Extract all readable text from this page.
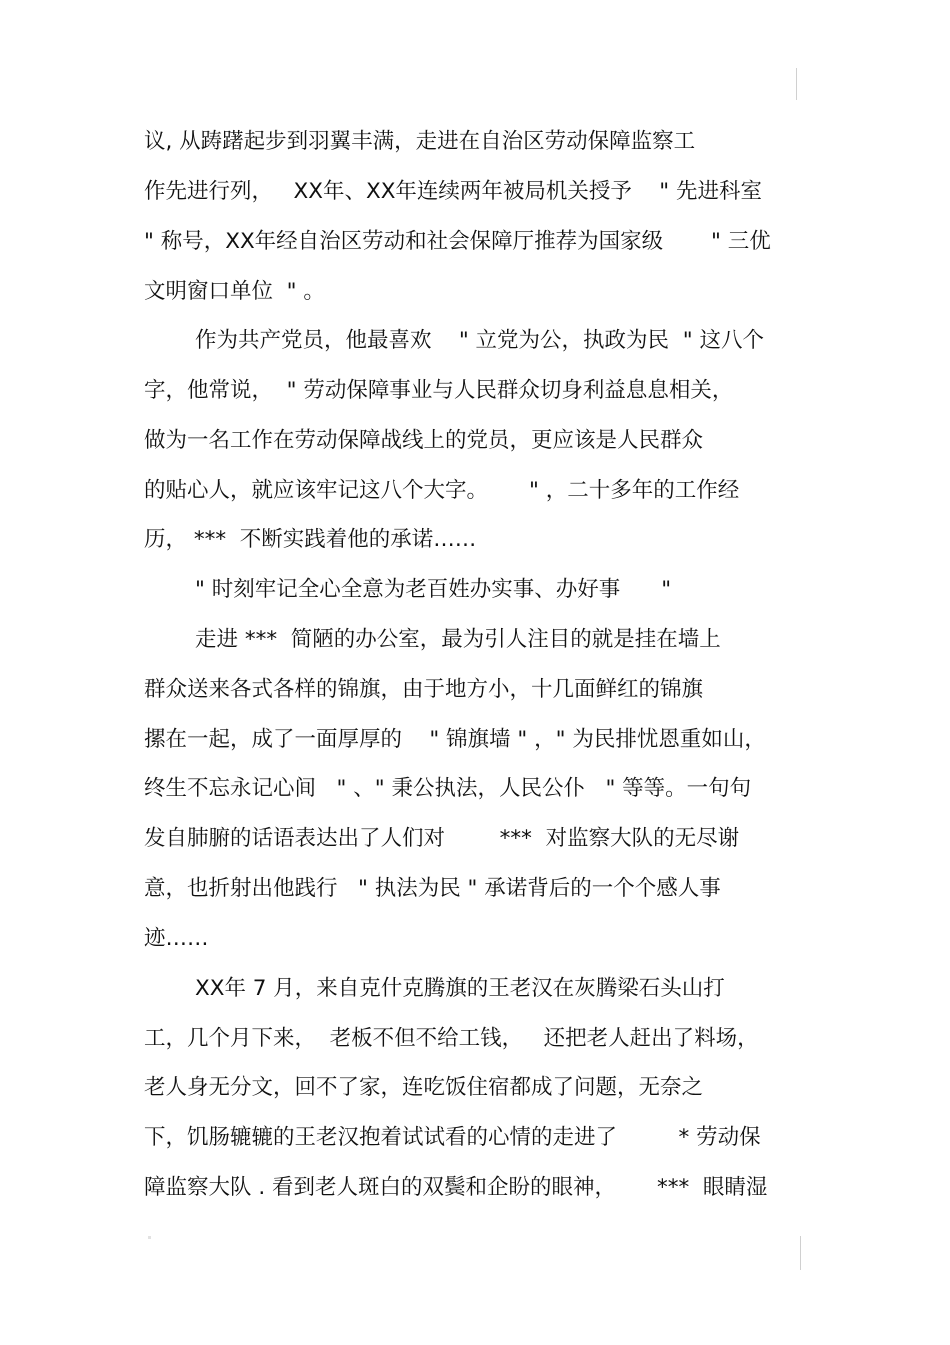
议, 从踌躇起步到羽翼丰满，走进在自治区劳动保障监察工
作先进行列，   XX年、XX年连续两年被局机关授予    " 先进科室
" 称号，XX年经自治区劳动和社会保障厅推荐为国家级       " 三优
文明窗口单位  " 。
作为共产党员，他最喜欢    " 立党为公，执政为民  " 这八个
字，他常说，  " 劳动保障事业与人民群众切身利益息息相关，
做为一名工作在劳动保障战线上的党员，更应该是人民群众
的贴心人，就应该牢记这八个大字。      " ，二十多年的工作经
历， ***  不断实践着他的承诺……
" 时刻牢记全心全意为老百姓办实事、办好事      "
走进 ***  简陋的办公室，最为引人注目的就是挂在墙上
群众送来各式各样的锦旗，由于地方小，十几面鲜红的锦旗
摞在一起，成了一面厚厚的    " 锦旗墙 " ，" 为民排忧恩重如山，
终生不忘永记心间   " 、" 秉公执法，人民公仆   " 等等。一句句
发自肺腑的话语表达出了人们对        ***  对监察大队的无尽谢
意，也折射出他践行   " 执法为民 " 承诺背后的一个个感人事
迹……
XX年 7 月，来自克什克腾旗的王老汉在灰腾梁石头山打
工，几个月下来，  老板不但不给工钱，   还把老人赶出了料场，
老人身无分文，回不了家，连吃饭住宿都成了问题，无奈之
下，饥肠辘辘的王老汉抱着试试看的心情的走进了         * 劳动保
障监察大队 . 看到老人斑白的双鬓和企盼的眼神，      ***  眼睛湿
